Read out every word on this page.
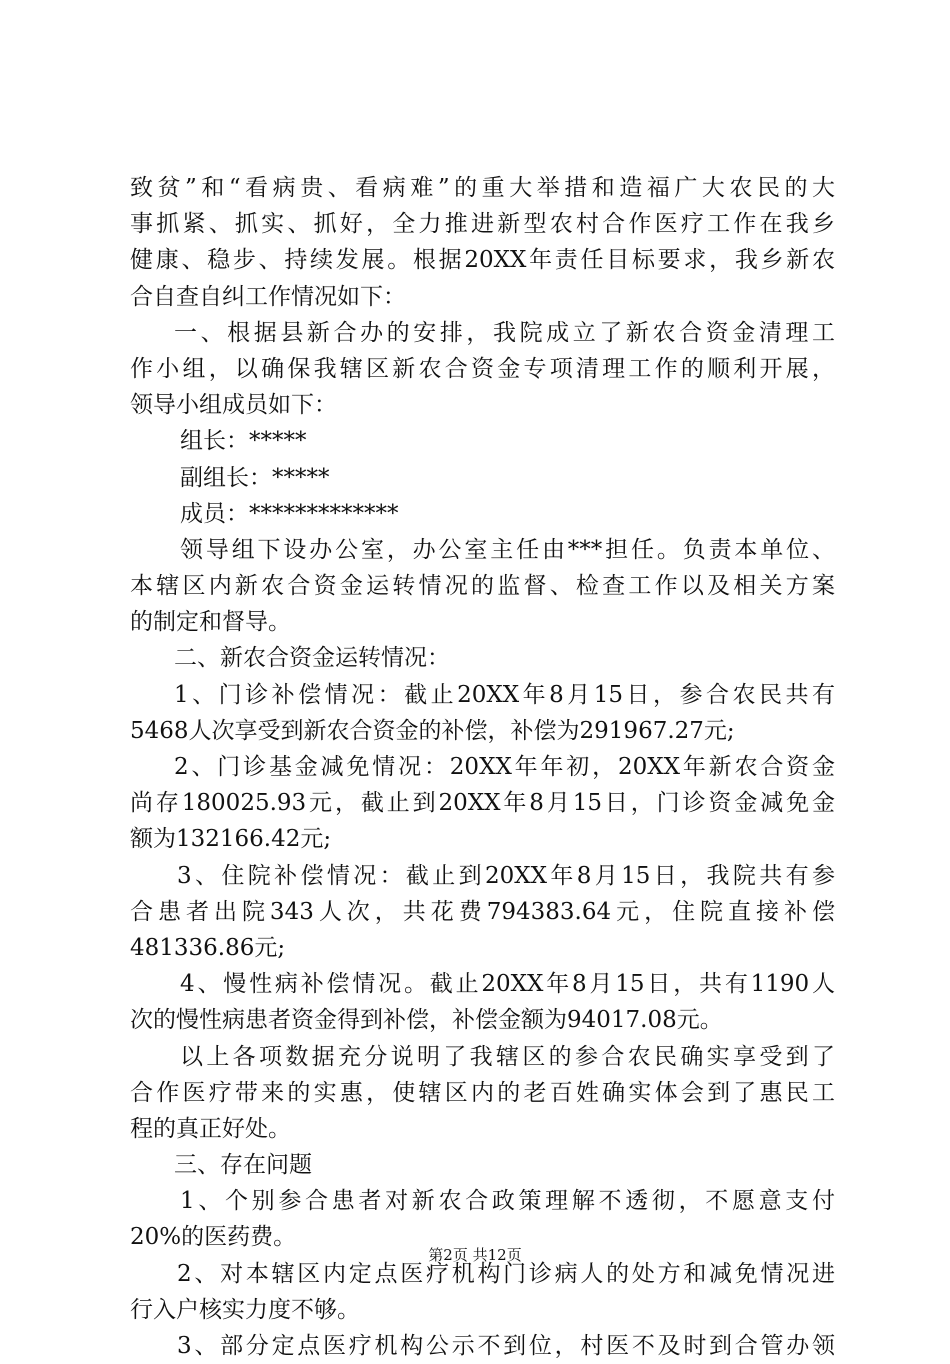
致贫”和“看病贵、看病难”的重大举措和造福广大农民的大
事抓紧、抓实、抓好，全力推进新型农村合作医疗工作在我乡
健康、稳步、持续发展。根据20XX年责任目标要求，我乡新农
合自查自纠工作情况如下：
一、根据县新合办的安排，我院成立了新农合资金清理工
作小组，以确保我辖区新农合资金专项清理工作的顺利开展，
领导小组成员如下：
组长：*****
副组长：*****
成员：*************
领导组下设办公室，办公室主任由***担任。负责本单位、
本辖区内新农合资金运转情况的监督、检查工作以及相关方案
的制定和督导。
二、新农合资金运转情况：
1、门诊补偿情况：截止20XX年8月15日，参合农民共有
5468人次享受到新农合资金的补偿，补偿为291967.27元;
2、门诊基金减免情况：20XX年年初，20XX年新农合资金
尚存180025.93元，截止到20XX年8月15日，门诊资金减免金
额为132166.42元;
3、住院补偿情况：截止到20XX年8月15日，我院共有参
合患者出院343人次，共花费794383.64元，住院直接补偿
481336.86元;
4、慢性病补偿情况。截止20XX年8月15日，共有1190人
次的慢性病患者资金得到补偿，补偿金额为94017.08元。
以上各项数据充分说明了我辖区的参合农民确实享受到了
合作医疗带来的实惠，使辖区内的老百姓确实体会到了惠民工
程的真正好处。
三、存在问题
1、个别参合患者对新农合政策理解不透彻，不愿意支付
20%的医药费。
2、对本辖区内定点医疗机构门诊病人的处方和减免情况进
行入户核实力度不够。
3、部分定点医疗机构公示不到位，村医不及时到合管办领
第2页 共12页
